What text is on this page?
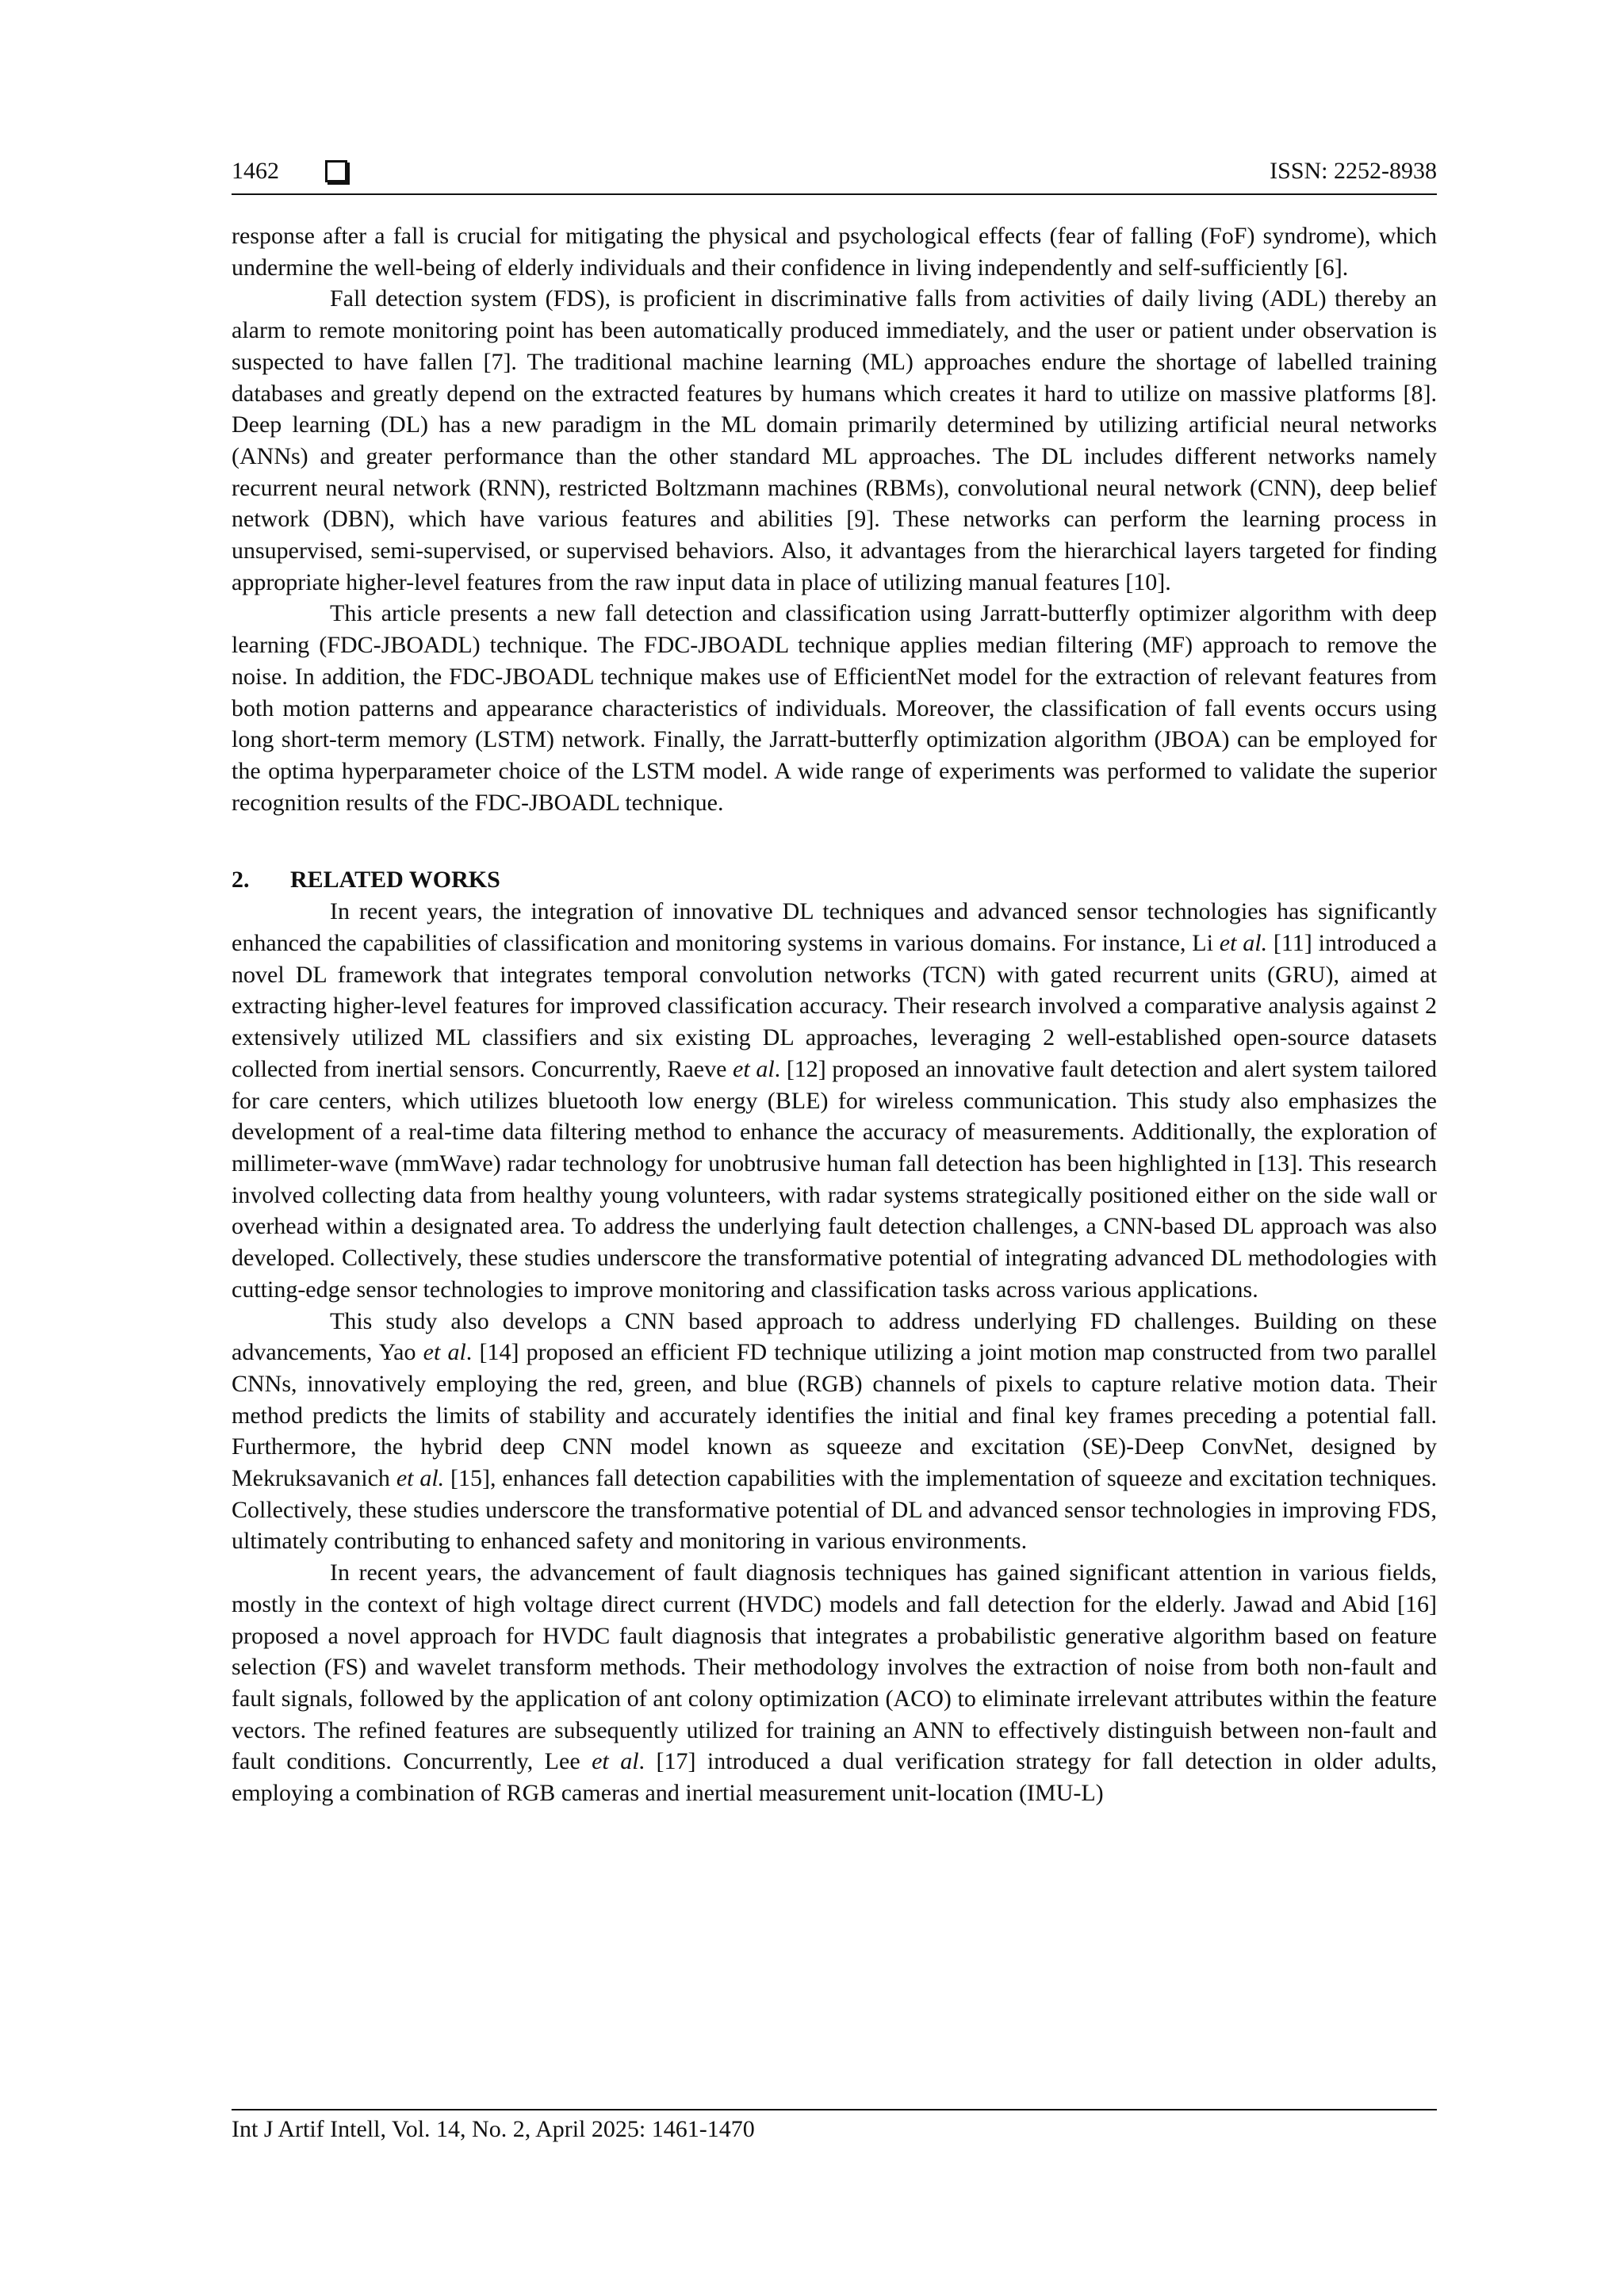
1462	ISSN: 2252-8938

response after a fall is crucial for mitigating the physical and psychological effects (fear of falling (FoF) syndrome), which undermine the well-being of elderly individuals and their confidence in living independently and self-sufficiently [6].

Fall detection system (FDS), is proficient in discriminative falls from activities of daily living (ADL) thereby an alarm to remote monitoring point has been automatically produced immediately, and the user or patient under observation is suspected to have fallen [7]. The traditional machine learning (ML) approaches endure the shortage of labelled training databases and greatly depend on the extracted features by humans which creates it hard to utilize on massive platforms [8]. Deep learning (DL) has a new paradigm in the ML domain primarily determined by utilizing artificial neural networks (ANNs) and greater performance than the other standard ML approaches. The DL includes different networks namely recurrent neural network (RNN), restricted Boltzmann machines (RBMs), convolutional neural network (CNN), deep belief network (DBN), which have various features and abilities [9]. These networks can perform the learning process in unsupervised, semi-supervised, or supervised behaviors. Also, it advantages from the hierarchical layers targeted for finding appropriate higher-level features from the raw input data in place of utilizing manual features [10].

This article presents a new fall detection and classification using Jarratt-butterfly optimizer algorithm with deep learning (FDC-JBOADL) technique. The FDC-JBOADL technique applies median filtering (MF) approach to remove the noise. In addition, the FDC-JBOADL technique makes use of EfficientNet model for the extraction of relevant features from both motion patterns and appearance characteristics of individuals. Moreover, the classification of fall events occurs using long short-term memory (LSTM) network. Finally, the Jarratt-butterfly optimization algorithm (JBOA) can be employed for the optima hyperparameter choice of the LSTM model. A wide range of experiments was performed to validate the superior recognition results of the FDC-JBOADL technique.

2. RELATED WORKS

In recent years, the integration of innovative DL techniques and advanced sensor technologies has significantly enhanced the capabilities of classification and monitoring systems in various domains. For instance, Li et al. [11] introduced a novel DL framework that integrates temporal convolution networks (TCN) with gated recurrent units (GRU), aimed at extracting higher-level features for improved classification accuracy. Their research involved a comparative analysis against 2 extensively utilized ML classifiers and six existing DL approaches, leveraging 2 well-established open-source datasets collected from inertial sensors. Concurrently, Raeve et al. [12] proposed an innovative fault detection and alert system tailored for care centers, which utilizes bluetooth low energy (BLE) for wireless communication. This study also emphasizes the development of a real-time data filtering method to enhance the accuracy of measurements. Additionally, the exploration of millimeter-wave (mmWave) radar technology for unobtrusive human fall detection has been highlighted in [13]. This research involved collecting data from healthy young volunteers, with radar systems strategically positioned either on the side wall or overhead within a designated area. To address the underlying fault detection challenges, a CNN-based DL approach was also developed. Collectively, these studies underscore the transformative potential of integrating advanced DL methodologies with cutting-edge sensor technologies to improve monitoring and classification tasks across various applications.

This study also develops a CNN based approach to address underlying FD challenges. Building on these advancements, Yao et al. [14] proposed an efficient FD technique utilizing a joint motion map constructed from two parallel CNNs, innovatively employing the red, green, and blue (RGB) channels of pixels to capture relative motion data. Their method predicts the limits of stability and accurately identifies the initial and final key frames preceding a potential fall. Furthermore, the hybrid deep CNN model known as squeeze and excitation (SE)-Deep ConvNet, designed by Mekruksavanich et al. [15], enhances fall detection capabilities with the implementation of squeeze and excitation techniques. Collectively, these studies underscore the transformative potential of DL and advanced sensor technologies in improving FDS, ultimately contributing to enhanced safety and monitoring in various environments.

In recent years, the advancement of fault diagnosis techniques has gained significant attention in various fields, mostly in the context of high voltage direct current (HVDC) models and fall detection for the elderly. Jawad and Abid [16] proposed a novel approach for HVDC fault diagnosis that integrates a probabilistic generative algorithm based on feature selection (FS) and wavelet transform methods. Their methodology involves the extraction of noise from both non-fault and fault signals, followed by the application of ant colony optimization (ACO) to eliminate irrelevant attributes within the feature vectors. The refined features are subsequently utilized for training an ANN to effectively distinguish between non-fault and fault conditions. Concurrently, Lee et al. [17] introduced a dual verification strategy for fall detection in older adults, employing a combination of RGB cameras and inertial measurement unit-location (IMU-L)

Int J Artif Intell, Vol. 14, No. 2, April 2025: 1461-1470
